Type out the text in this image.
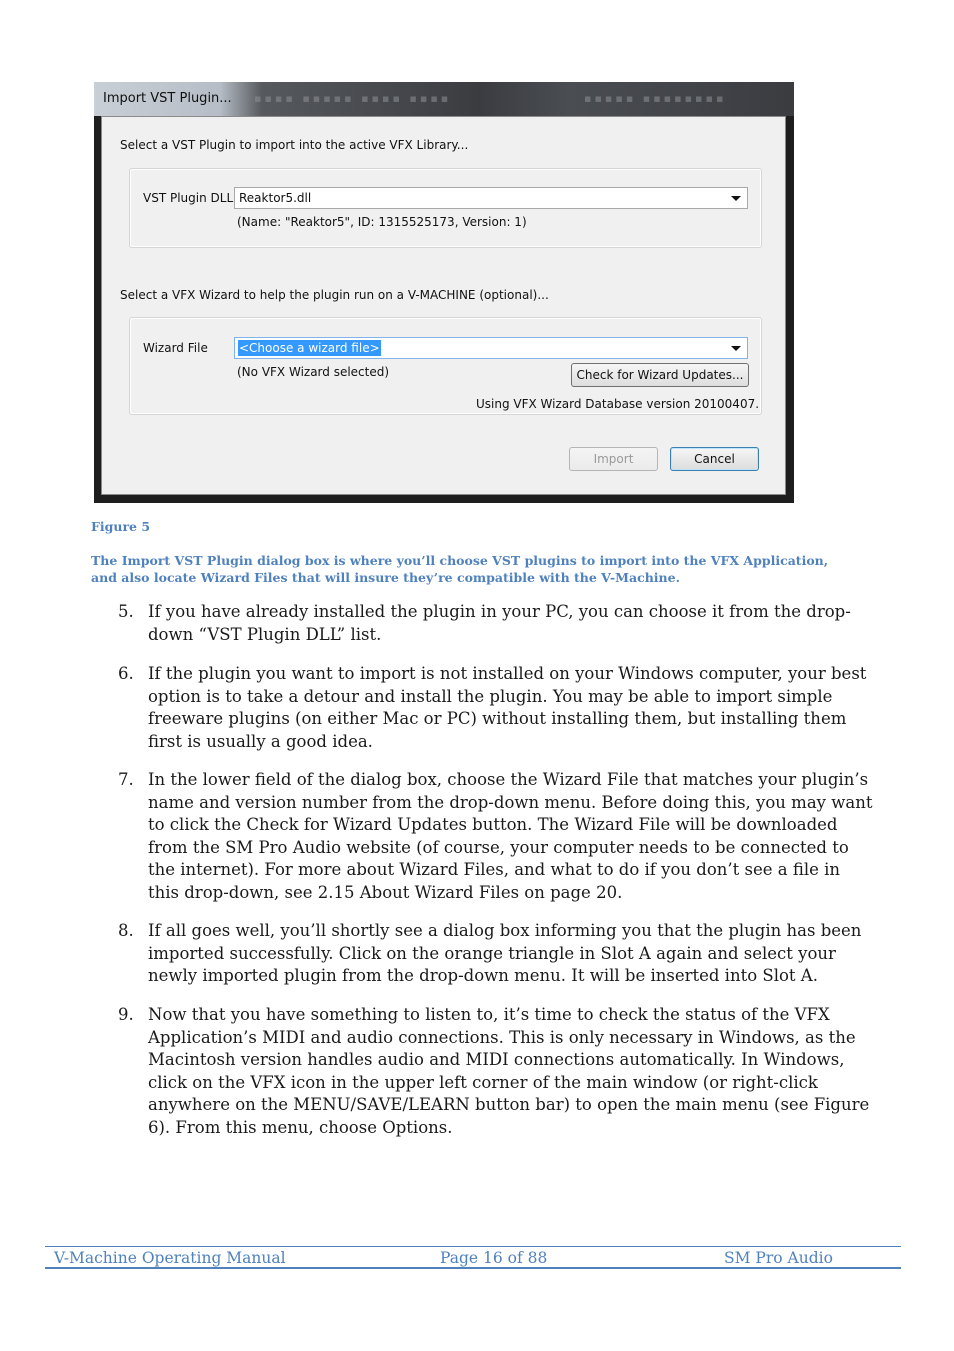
Import VST Plugin... ▪▪▪▪ ▪▪▪▪▪ ▪▪▪▪ ▪▪▪▪	▪▪▪▪▪ ▪▪▪▪▪▪▪▪
Select a VST Plugin to import into the active VFX Library...
VST Plugin DLL Reaktor5.dll
(Name: "Reaktor5", ID: 1315525173, Version: 1)
Select a VFX Wizard to help the plugin run on a V-MACHINE (optional)...
Wizard File	<Choose a wizard file>
(No VFX Wizard selected)	Check for Wizard Updates...
Using VFX Wizard Database version 20100407.
Import	Cancel
Figure 5
The Import VST Plugin dialog box is where you’ll choose VST plugins to import into the VFX Application, and also locate Wizard Files that will insure they’re compatible with the V-Machine.
5. If you have already installed the plugin in your PC, you can choose it from the drop-down “VST Plugin DLL” list.
6. If the plugin you want to import is not installed on your Windows computer, your best option is to take a detour and install the plugin. You may be able to import simple freeware plugins (on either Mac or PC) without installing them, but installing them first is usually a good idea.
7. In the lower field of the dialog box, choose the Wizard File that matches your plugin’s name and version number from the drop-down menu. Before doing this, you may want to click the Check for Wizard Updates button. The Wizard File will be downloaded from the SM Pro Audio website (of course, your computer needs to be connected to the internet). For more about Wizard Files, and what to do if you don’t see a file in this drop-down, see 2.15 About Wizard Files on page 20.
8. If all goes well, you’ll shortly see a dialog box informing you that the plugin has been imported successfully. Click on the orange triangle in Slot A again and select your newly imported plugin from the drop-down menu. It will be inserted into Slot A.
9. Now that you have something to listen to, it’s time to check the status of the VFX Application’s MIDI and audio connections. This is only necessary in Windows, as the Macintosh version handles audio and MIDI connections automatically. In Windows, click on the VFX icon in the upper left corner of the main window (or right-click anywhere on the MENU/SAVE/LEARN button bar) to open the main menu (see Figure 6). From this menu, choose Options.
V-Machine Operating Manual	Page 16 of 88	SM Pro Audio
